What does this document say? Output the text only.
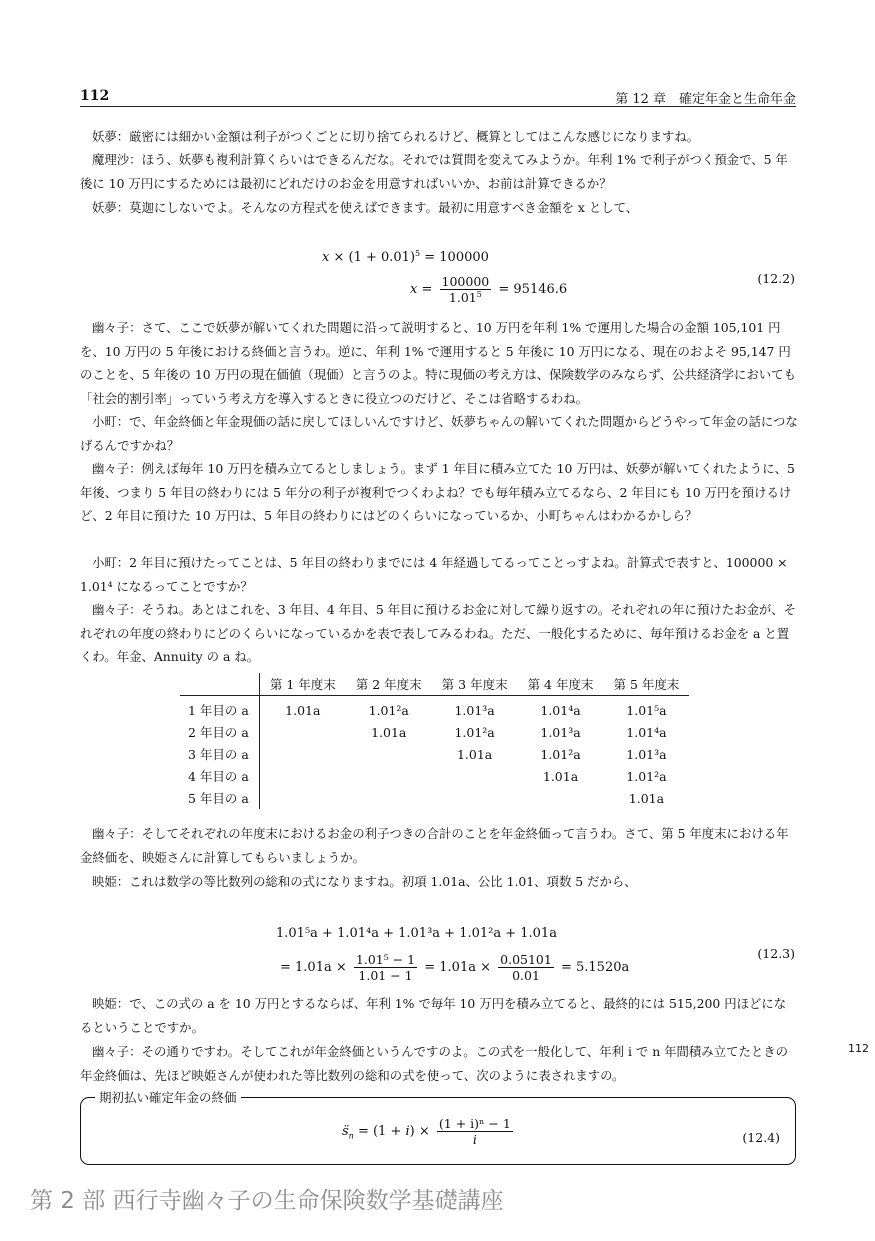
112	第 12 章　確定年金と生命年金

妖夢：厳密には細かい金額は利子がつくごとに切り捨てられるけど、概算としてはこんな感じになりますね。

魔理沙：ほう、妖夢も複利計算くらいはできるんだな。それでは質問を変えてみようか。年利 1% で利子がつく預金で、5 年後に 10 万円にするためには最初にどれだけのお金を用意すればいいか、お前は計算できるか？

妖夢：莫迦にしないでよ。そんなの方程式を使えばできます。最初に用意すべき金額を x として、

$x \times (1 + 0.01)^5 = 100000$
$x = \frac{100000}{1.01^5} = 95146.6$
(12.2)

幽々子：さて、ここで妖夢が解いてくれた問題に沿って説明すると、10 万円を年利 1% で運用した場合の金額 105,101 円を、10 万円の 5 年後における終価と言うわ。逆に、年利 1% で運用すると 5 年後に 10 万円になる、現在のおよそ 95,147 円のことを、5 年後の 10 万円の現在価値（現価）と言うのよ。特に現価の考え方は、保険数学のみならず、公共経済学においても「社会的割引率」っていう考え方を導入するときに役立つのだけど、そこは省略するわね。

小町：で、年金終価と年金現価の話に戻してほしいんですけど、妖夢ちゃんの解いてくれた問題からどうやって年金の話につなげるんですかね？

幽々子：例えば毎年 10 万円を積み立てるとしましょう。まず 1 年目に積み立てた 10 万円は、妖夢が解いてくれたように、5 年後、つまり 5 年目の終わりには 5 年分の利子が複利でつくわよね？でも毎年積み立てるなら、2 年目にも 10 万円を預けるけど、2 年目に預けた 10 万円は、5 年目の終わりにはどのくらいになっているか、小町ちゃんはわかるかしら？

小町：2 年目に預けたってことは、5 年目の終わりまでには 4 年経過してるってことっすよね。計算式で表すと、100000 × 1.01⁴ になるってことですか？

幽々子：そうね。あとはこれを、3 年目、4 年目、5 年目に預けるお金に対して繰り返すの。それぞれの年に預けたお金が、それぞれの年度の終わりにどのくらいになっているかを表で表してみるわね。ただ、一般化するために、毎年預けるお金を a と置くわ。年金、Annuity の a ね。

	第 1 年度末	第 2 年度末	第 3 年度末	第 4 年度末	第 5 年度末
1 年目の a	1.01a	1.01²a	1.01³a	1.01⁴a	1.01⁵a
2 年目の a		1.01a	1.01²a	1.01³a	1.01⁴a
3 年目の a			1.01a	1.01²a	1.01³a
4 年目の a				1.01a	1.01²a
5 年目の a					1.01a

幽々子：そしてそれぞれの年度末におけるお金の利子つきの合計のことを年金終価って言うわ。さて、第 5 年度末における年金終価を、映姫さんに計算してもらいましょうか。

映姫：これは数学の等比数列の総和の式になりますね。初項 1.01a、公比 1.01、項数 5 だから、

1.01⁵a + 1.01⁴a + 1.01³a + 1.01²a + 1.01a
= $1.01a \times \frac{\text{1.01⁵ − 1}}{1.01 - 1} = 1.01a \times \frac{0.05101}{0.01} = 5.1520a$
(12.3)

映姫：で、この式の a を 10 万円とするならば、年利 1% で毎年 10 万円を積み立てると、最終的には 515,200 円ほどになるということですか。

幽々子：その通りですわ。そしてこれが年金終価というんですのよ。この式を一般化して、年利 i で n 年間積み立てたときの年金終価は、先ほど映姫さんが使われた等比数列の総和の式を使って、次のように表されますの。

112
期初払い確定年金の終価
$s̈_n = (1 + i) \times \frac{\text{(1 + i)ⁿ − 1}}{i}$	(12.4)
第 2 部 西行寺幽々子の生命保険数学基礎講座
